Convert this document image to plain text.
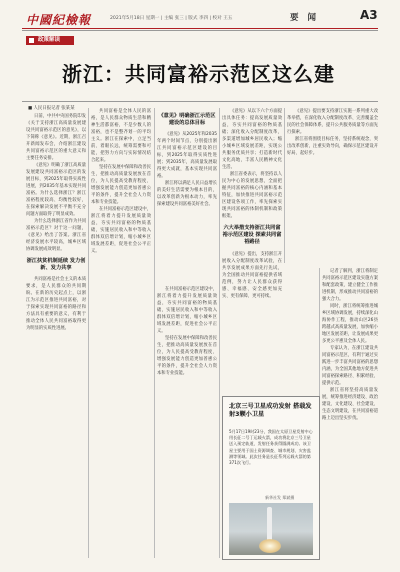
中國紀檢報	2021年5月18日 星期一 | 主编 张三 | 版式 李四 | 校对 王五	要 闻	A3
政策解读
浙江：共同富裕示范区这么建
■ 人民日报记者 张某某

日前，中共中央国务院印发《关于支持浙江高质量发展建设共同富裕示范区的意见》，以下简称《意见》。近期，浙江召开新闻发布会，介绍浙江建设共同富裕示范区的重大意义和主要任务安排。

《意见》明确了浙江高质量发展建设共同富裕示范区的发展目标，到2025年取得实质性进展，到2035年基本实现共同富裕。为什么选择浙江？浙江富裕程度较高、均衡性较好，在探索解决发展不平衡不充分问题方面取得了明显成效。

为什么选择浙江省作为共同富裕示范区？对于这一问题，《意见》给出了答案。浙江省经济发展水平较高，城乡区域协调发展成效明显。

浙江扶贫机制延续 发力创新、发力共享

共同富裕是社会主义的本质要求，是人民群众的共同期盼。在新的历史起点上，以浙江为示范区推进共同富裕，对于探索实现共同富裕的路径和方法具有重要的意义，有利于推动全体人民共同富裕取得更为明显的实质性进展。

共同富裕是全体人民的富裕，是人民群众物质生活和精神生活都富裕，不是少数人的富裕，也不是整齐划一的平均主义。浙江在探索中，立足当前、着眼长远，统筹需要和可能，把努力方向与实际情况结合起来。

坚持在发展中保障和改善民生，把推动高质量发展放在首位，为人民提高受教育程度、增强发展能力创造更加普惠公平的条件，提升全社会人力资本和专业技能。

在共同富裕示范区建设中，浙江将着力提升发展质量效益，夯实共同富裕的物质基础，实施居民收入和中等收入群体双倍增计划，缩小城乡区域发展差距，促进社会公平正义。

《意见》明确浙江示范区建设的总体目标

《意见》从2025年和2035年两个时间节点，分别提出浙江共同富裕示范区建设的目标，到2025年取得实质性进展；到2035年，高质量发展取得更大成就，基本实现共同富裕。

浙江将以满足人民日益增长的美好生活需要为根本目的，以改革创新为根本动力，率先探索建设共同富裕美好社会。

在共同富裕示范区建设中，浙江将着力提升发展质量效益，夯实共同富裕的物质基础，实施居民收入和中等收入群体双倍增计划，缩小城乡区域发展差距，促进社会公平正义。

坚持在发展中保障和改善民生，把推动高质量发展放在首位，为人民提高受教育程度、增强发展能力创造更加普惠公平的条件，提升全社会人力资本和专业技能。

《意见》从以下六个方面提出具体任务：提高发展质量效益，夯实共同富裕的物质基础；深化收入分配制度改革，多渠道增加城乡居民收入；缩小城乡区域发展差距，实现公共服务优质共享；打造新时代文化高地，丰富人民精神文化生活。

浙江省委表示，将坚持以人民为中心的发展思想，全面把握共同富裕的核心内涵和基本特征，加快推进共同富裕示范区建设各项工作，率先探索实现共同富裕的体制机制和政策框架。

六大举措支持浙江共同富裕示范区建设 探索共同富裕路径

《意见》提出，支持浙江开展收入分配制度改革试验，在共享发展成果方面先行先试，为全国推动共同富裕提供省域范例，努力让人民群众获得感、幸福感、安全感更加充实、更有保障、更可持续。

《意见》提出要支持浙江实施一系列重大改革举措，在深化收入分配制度改革、完善覆盖全民的社会保障体系、提升公共服务质量等方面先行探索。

浙江省将围绕目标任务，坚持系统观念，突出改革创新，注重实效导向，确保示范区建设开好局、起好步。

记者了解到，浙江将制定共同富裕示范区建设实施方案和配套政策，建立健全工作推进机制，形成推动共同富裕的强大合力。

同时，浙江将统筹推进城乡区域协调发展，持续深化山海协作工程，推动山区26县跨越式高质量发展，加快缩小地区发展差距，让发展成果更多更公平惠及全体人民。

专家认为，在浙江建设共同富裕示范区，有利于通过实践进一步丰富共同富裕的思想内涵，为全国其他地方促进共同富裕探索路径、积累经验、提供示范。

浙江省将坚持高质量发展，统筹推进经济建设、政治建设、文化建设、社会建设、生态文明建设，在共同富裕道路上迈出坚实步伐。

北京三号卫星成功发射 搭载发射3颗小卫星
5月17日19时23分，我国在太原卫星发射中心用长征二号丁运载火箭，成功将北京三号卫星送入预定轨道，发射任务获得圆满成功。该卫星主要用于国土资源调查、城市规划、灾害监测等领域。此次任务是长征系列运载火箭的第371次飞行。
新华社发 郑斌摄
